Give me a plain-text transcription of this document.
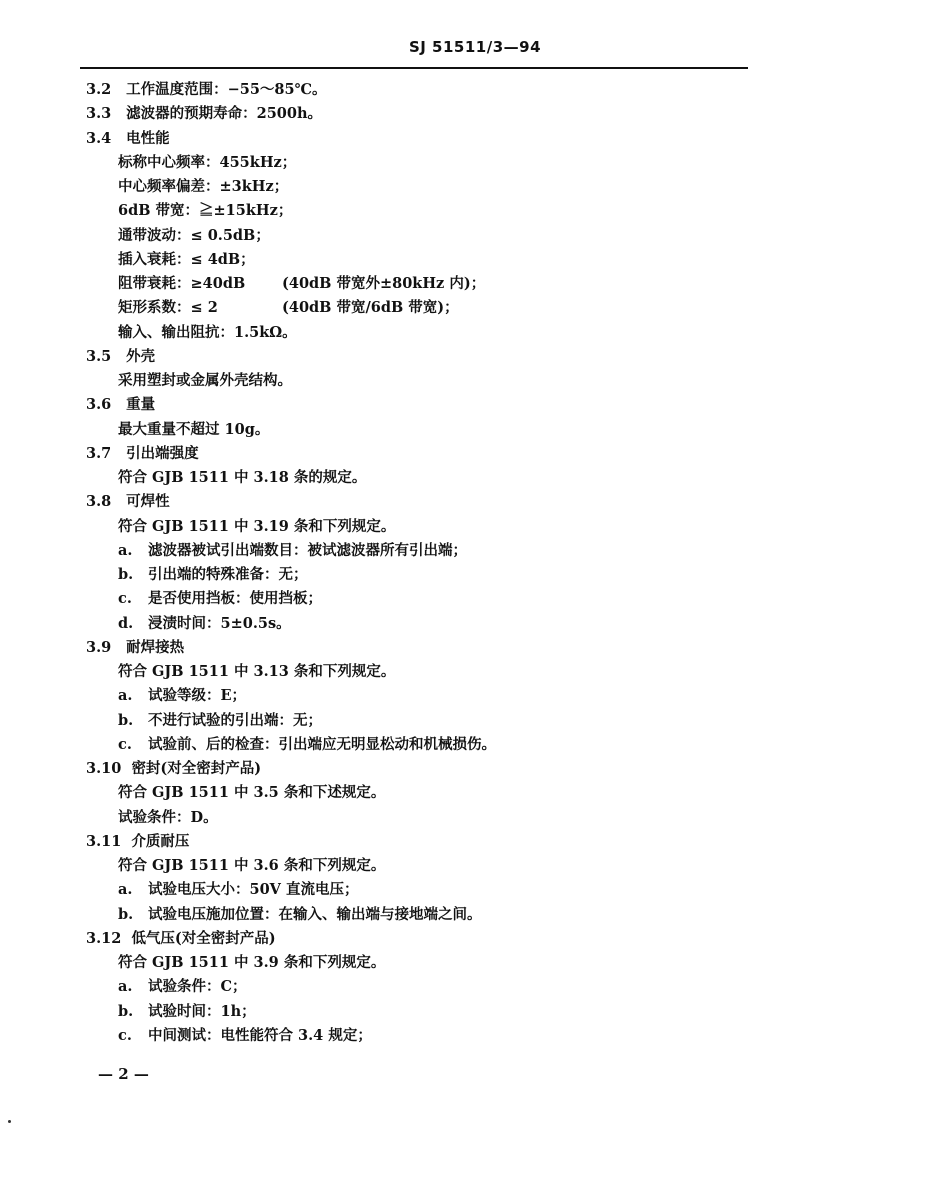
SJ 51511/3—94
3.2 工作温度范围：−55～85℃。
3.3 滤波器的预期寿命：2500h。
3.4 电性能
标称中心频率：455kHz；
中心频率偏差：±3kHz；
6dB 带宽：≧±15kHz；
通带波动：≤ 0.5dB；
插入衰耗：≤ 4dB；
阻带衰耗：≥40dB	(40dB 带宽外±80kHz 内)；
矩形系数：≤ 2	(40dB 带宽/6dB 带宽)；
输入、输出阻抗：1.5kΩ。
3.5 外壳
采用塑封或金属外壳结构。
3.6 重量
最大重量不超过 10g。
3.7 引出端强度
符合 GJB 1511 中 3.18 条的规定。
3.8 可焊性
符合 GJB 1511 中 3.19 条和下列规定。
a. 滤波器被试引出端数目：被试滤波器所有引出端；
b. 引出端的特殊准备：无；
c. 是否使用挡板：使用挡板；
d. 浸渍时间：5±0.5s。
3.9 耐焊接热
符合 GJB 1511 中 3.13 条和下列规定。
a. 试验等级：E；
b. 不进行试验的引出端：无；
c. 试验前、后的检查：引出端应无明显松动和机械损伤。
3.10 密封(对全密封产品)
符合 GJB 1511 中 3.5 条和下述规定。
试验条件：D。
3.11 介质耐压
符合 GJB 1511 中 3.6 条和下列规定。
a. 试验电压大小：50V 直流电压；
b. 试验电压施加位置：在输入、输出端与接地端之间。
3.12 低气压(对全密封产品)
符合 GJB 1511 中 3.9 条和下列规定。
a. 试验条件：C；
b. 试验时间：1h；
c. 中间测试：电性能符合 3.4 规定；
— 2 —
